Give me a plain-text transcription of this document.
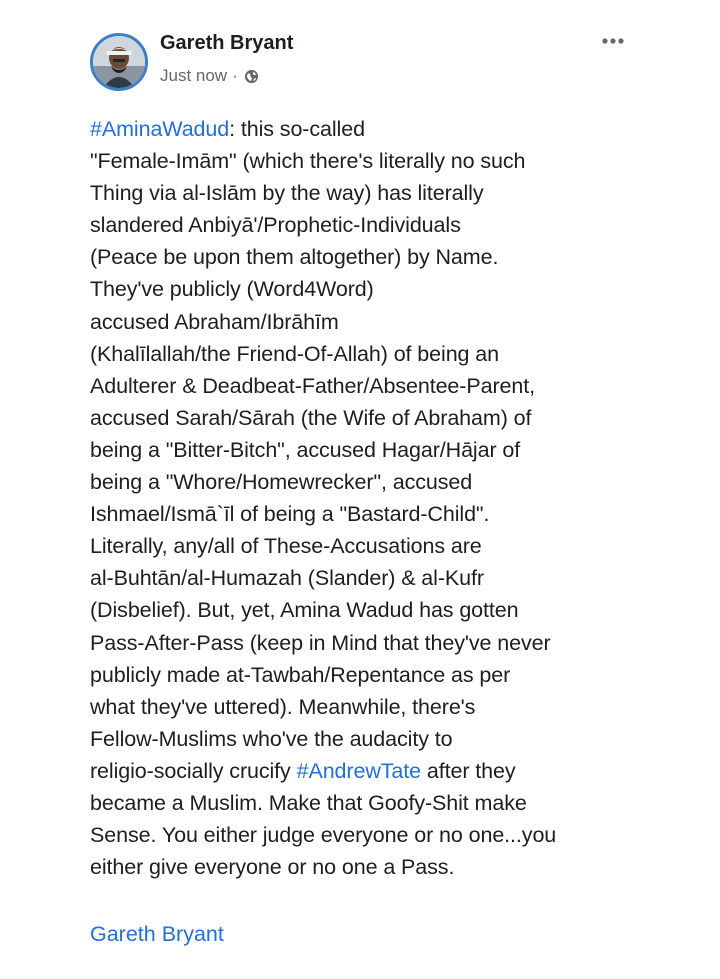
Gareth Bryant
Just now ·
#AminaWadud: this so-called
"Female-Imām" (which there's literally no such
Thing via al-Islām by the way) has literally
slandered Anbiyā'/Prophetic-Individuals
(Peace be upon them altogether) by Name.
They've publicly (Word4Word)
accused Abraham/Ibrāhīm
(Khalīlallah/the Friend-Of-Allah) of being an
Adulterer & Deadbeat-Father/Absentee-Parent,
accused Sarah/Sārah (the Wife of Abraham) of
being a "Bitter-Bitch", accused Hagar/Hājar of
being a "Whore/Homewrecker", accused
Ishmael/Ismā`īl of being a "Bastard-Child".
Literally, any/all of These-Accusations are
al-Buhtān/al-Humazah (Slander) & al-Kufr
(Disbelief). But, yet, Amina Wadud has gotten
Pass-After-Pass (keep in Mind that they've never
publicly made at-Tawbah/Repentance as per
what they've uttered). Meanwhile, there's
Fellow-Muslims who've the audacity to
religio-socially crucify #AndrewTate after they
became a Muslim. Make that Goofy-Shit make
Sense. You either judge everyone or no one...you
either give everyone or no one a Pass.
Gareth Bryant
